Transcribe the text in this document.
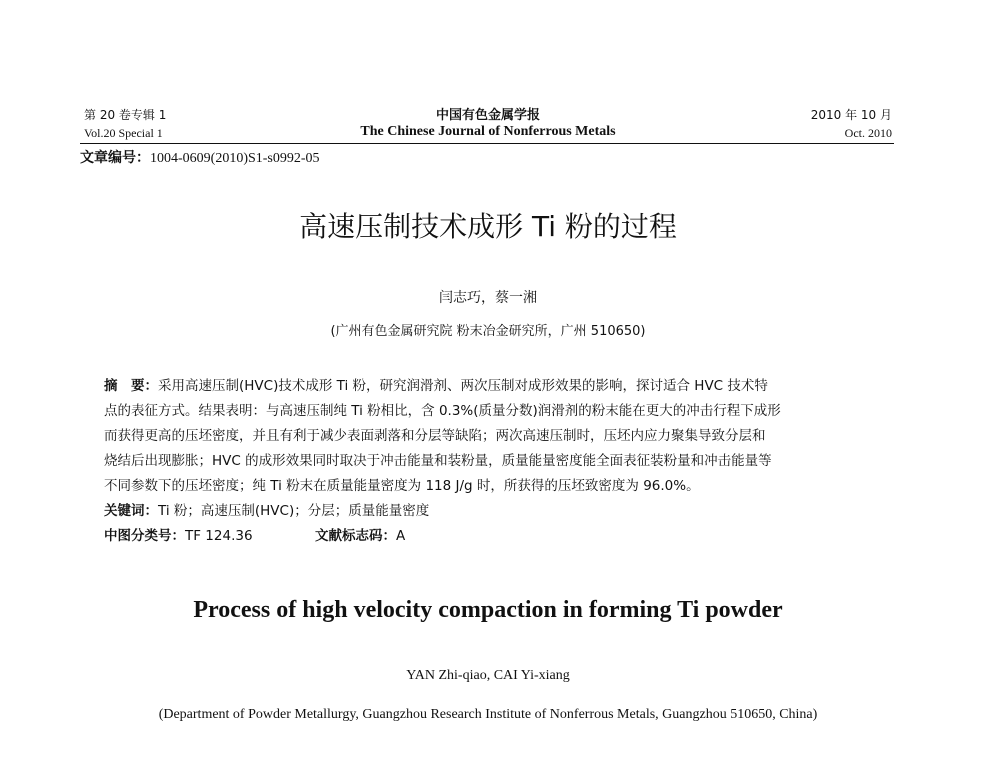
第 20 卷专辑 1
Vol.20 Special 1
中国有色金属学报
The Chinese Journal of Nonferrous Metals
2010 年 10 月
Oct. 2010
文章编号：1004-0609(2010)S1-s0992-05
高速压制技术成形 Ti 粉的过程
闫志巧，蔡一湘
(广州有色金属研究院 粉末冶金研究所，广州 510650)
摘　要：采用高速压制(HVC)技术成形 Ti 粉，研究润滑剂、两次压制对成形效果的影响，探讨适合 HVC 技术特
点的表征方式。结果表明：与高速压制纯 Ti 粉相比，含 0.3%(质量分数)润滑剂的粉末能在更大的冲击行程下成形
而获得更高的压坯密度，并且有利于减少表面剥落和分层等缺陷；两次高速压制时，压坯内应力聚集导致分层和
烧结后出现膨胀；HVC 的成形效果同时取决于冲击能量和装粉量，质量能量密度能全面表征装粉量和冲击能量等
不同参数下的压坯密度；纯 Ti 粉末在质量能量密度为 118 J/g 时，所获得的压坯致密度为 96.0%。
关键词：Ti 粉；高速压制(HVC)；分层；质量能量密度
中图分类号：TF 124.36	文献标志码：A
Process of high velocity compaction in forming Ti powder
YAN Zhi-qiao, CAI Yi-xiang
(Department of Powder Metallurgy, Guangzhou Research Institute of Nonferrous Metals, Guangzhou 510650, China)
